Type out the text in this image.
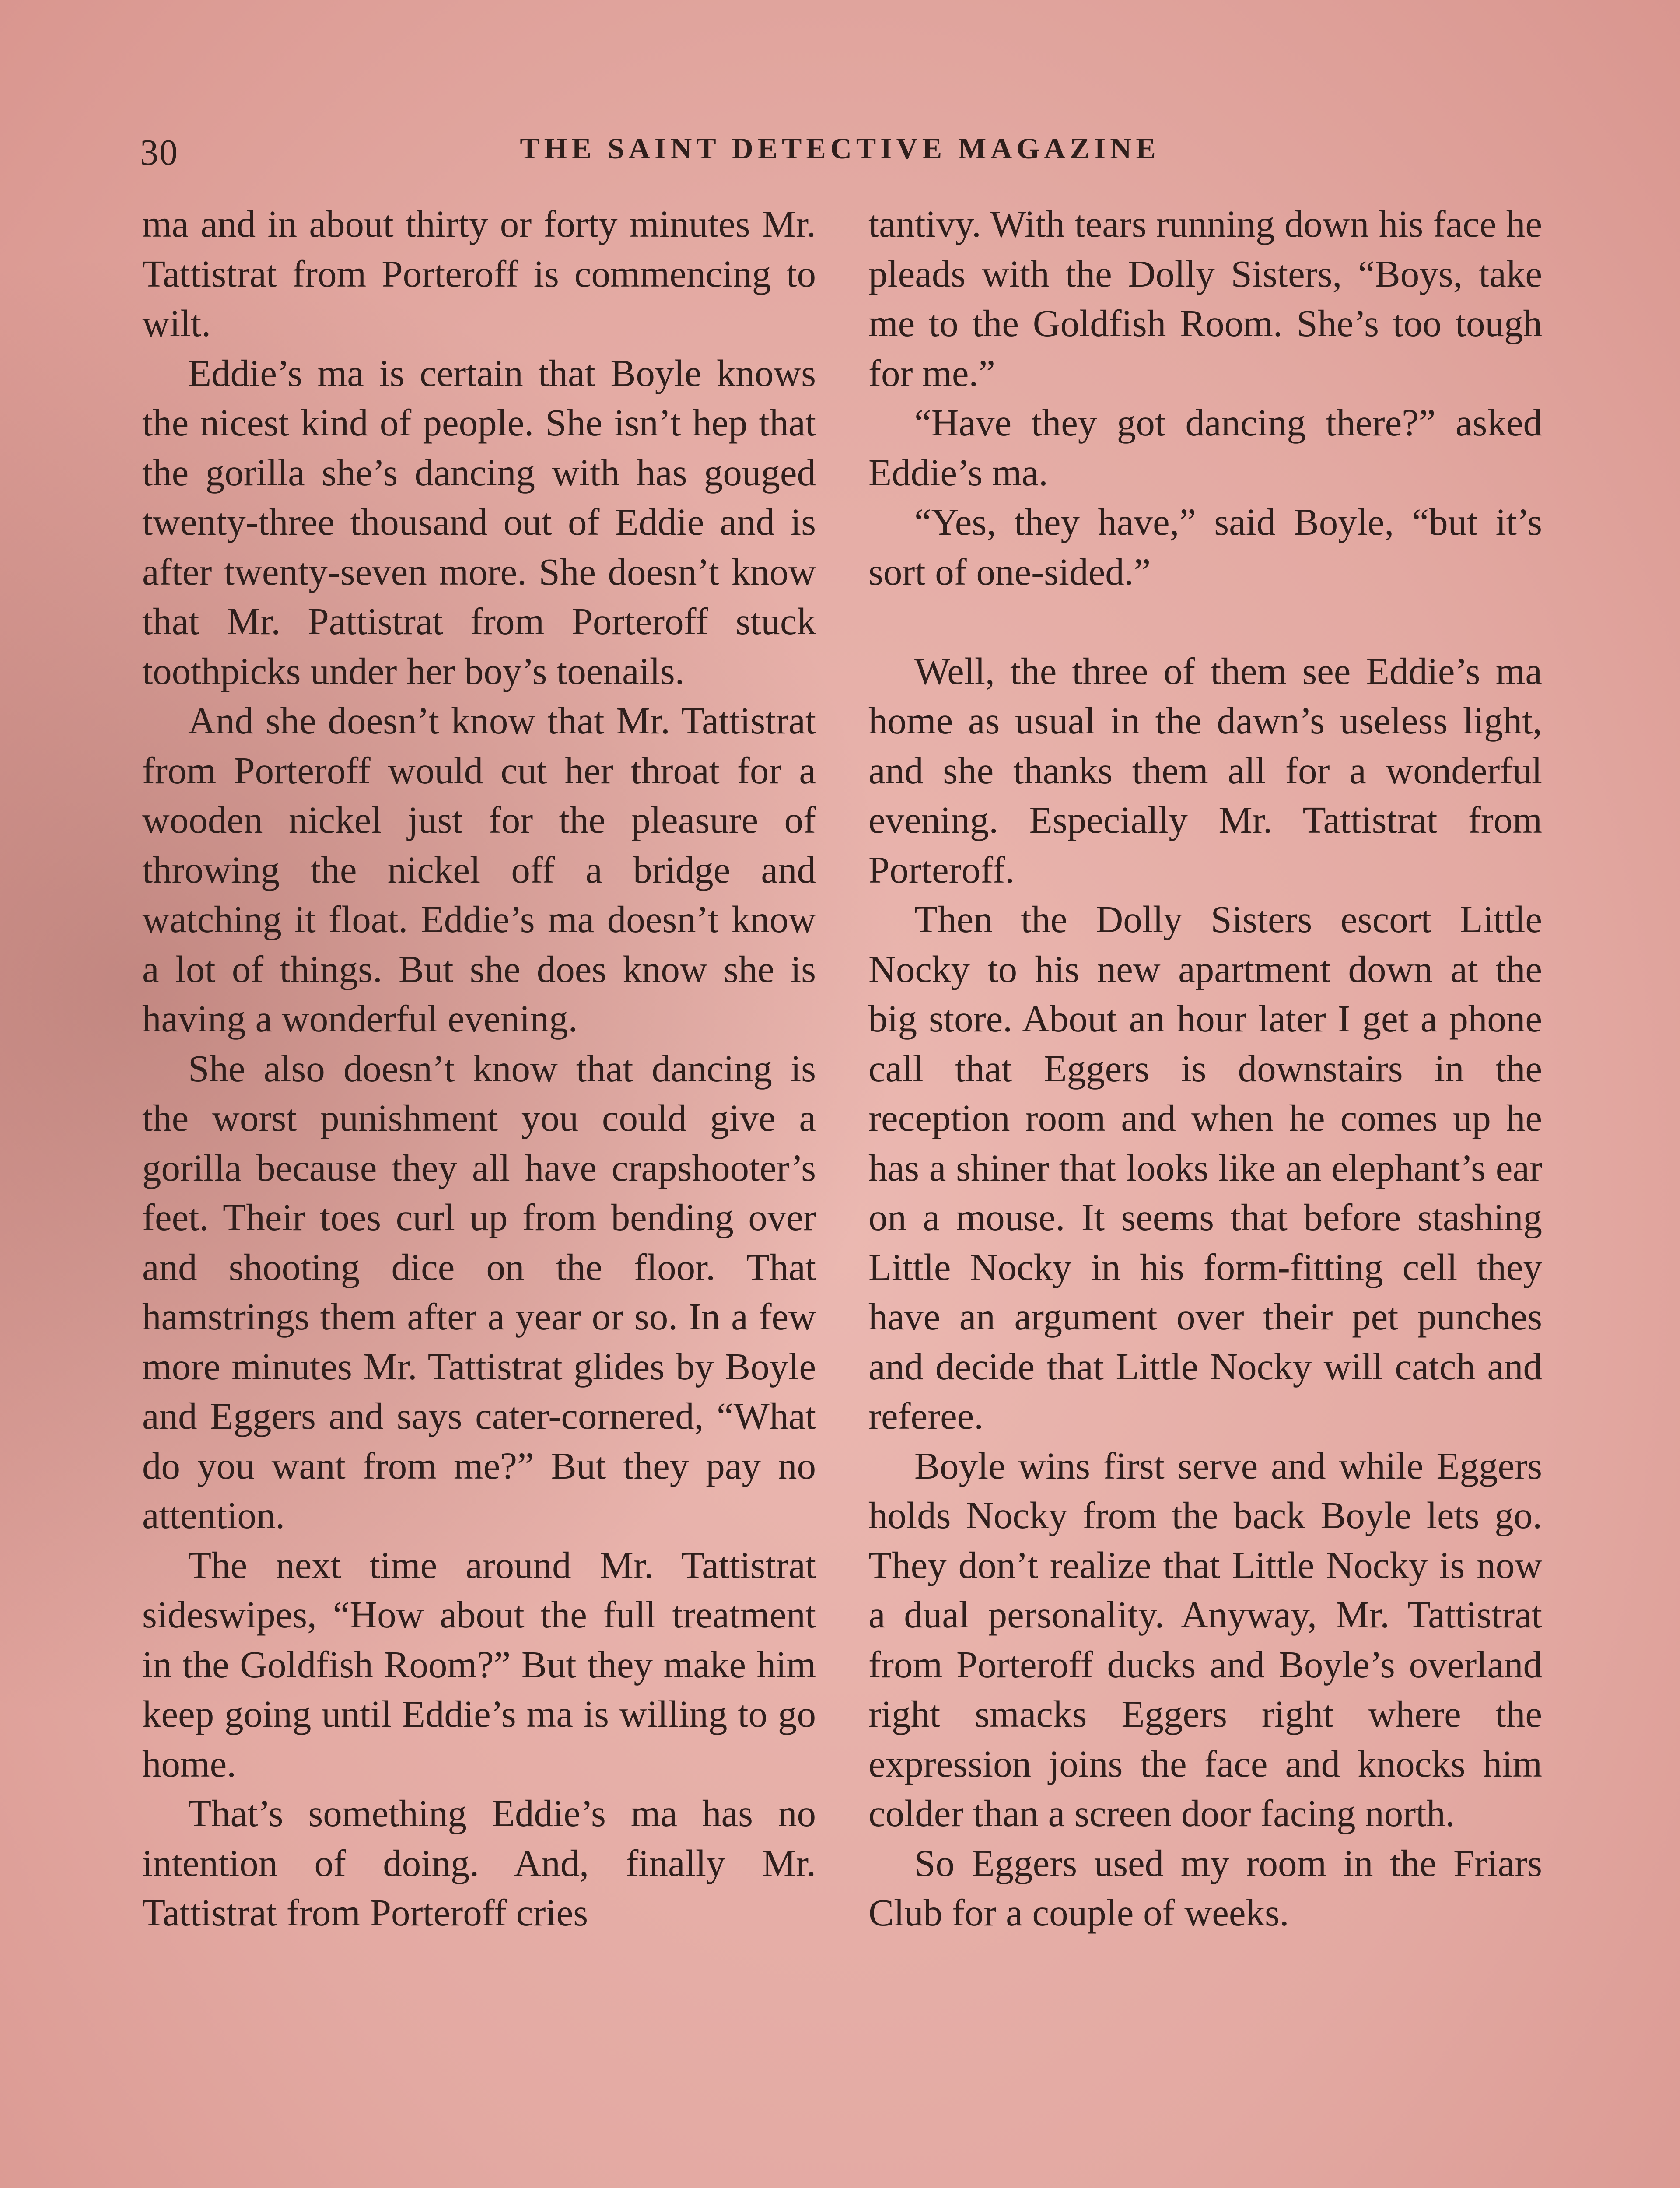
30	THE SAINT DETECTIVE MAGAZINE

ma and in about thirty or forty minutes Mr. Tattistrat from Porteroff is commencing to wilt.

Eddie’s ma is certain that Boyle knows the nicest kind of people. She isn’t hep that the gorilla she’s dancing with has gouged twenty-three thousand out of Eddie and is after twenty-seven more. She doesn’t know that Mr. Pattistrat from Porteroff stuck toothpicks under her boy’s toenails.

And she doesn’t know that Mr. Tattistrat from Porteroff would cut her throat for a wooden nickel just for the pleasure of throwing the nickel off a bridge and watching it float. Eddie’s ma doesn’t know a lot of things. But she does know she is having a wonderful evening.

She also doesn’t know that dancing is the worst punishment you could give a gorilla because they all have crapshooter’s feet. Their toes curl up from bending over and shooting dice on the floor. That hamstrings them after a year or so. In a few more minutes Mr. Tattistrat glides by Boyle and Eggers and says cater-cornered, “What do you want from me?” But they pay no attention.

The next time around Mr. Tattistrat sideswipes, “How about the full treatment in the Goldfish Room?” But they make him keep going until Eddie’s ma is willing to go home.

That’s something Eddie’s ma has no intention of doing. And, finally Mr. Tattistrat from Porteroff cries

tantivy. With tears running down his face he pleads with the Dolly Sisters, “Boys, take me to the Goldfish Room. She’s too tough for me.”

“Have they got dancing there?” asked Eddie’s ma.

“Yes, they have,” said Boyle, “but it’s sort of one-sided.”

Well, the three of them see Eddie’s ma home as usual in the dawn’s useless light, and she thanks them all for a wonderful evening. Especially Mr. Tattistrat from Porteroff.

Then the Dolly Sisters escort Little Nocky to his new apartment down at the big store. About an hour later I get a phone call that Eggers is downstairs in the reception room and when he comes up he has a shiner that looks like an elephant’s ear on a mouse. It seems that before stashing Little Nocky in his form-fitting cell they have an argument over their pet punches and decide that Little Nocky will catch and referee.

Boyle wins first serve and while Eggers holds Nocky from the back Boyle lets go. They don’t realize that Little Nocky is now a dual personality. Anyway, Mr. Tattistrat from Porteroff ducks and Boyle’s overland right smacks Eggers right where the expression joins the face and knocks him colder than a screen door facing north.

So Eggers used my room in the Friars Club for a couple of weeks.
